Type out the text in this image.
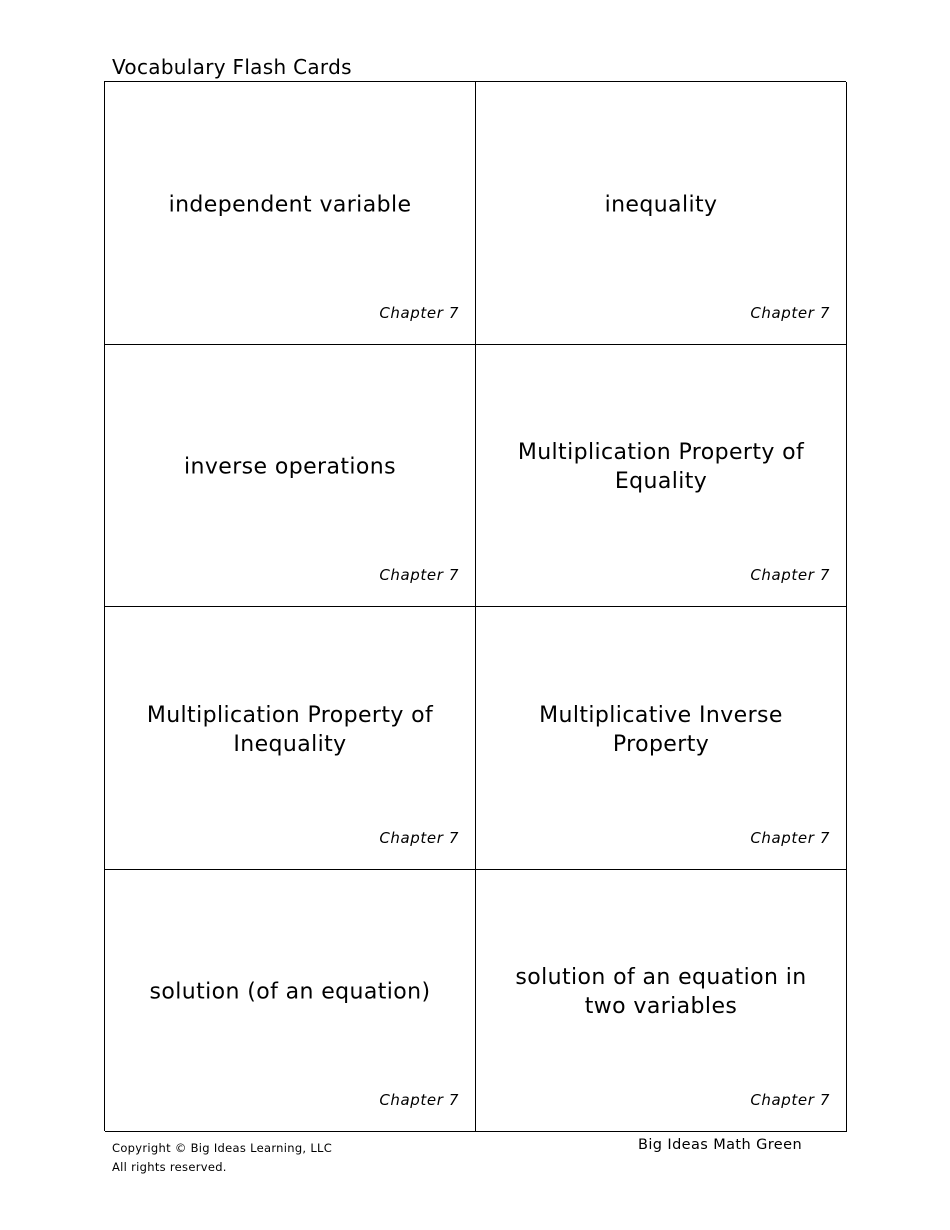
Vocabulary Flash Cards
independent variable
Chapter 7
inequality
Chapter 7
inverse operations
Chapter 7
Multiplication Property of Equality
Chapter 7
Multiplication Property of Inequality
Chapter 7
Multiplicative Inverse Property
Chapter 7
solution (of an equation)
Chapter 7
solution of an equation in two variables
Chapter 7
Copyright © Big Ideas Learning, LLC
All rights reserved.
Big Ideas Math Green
